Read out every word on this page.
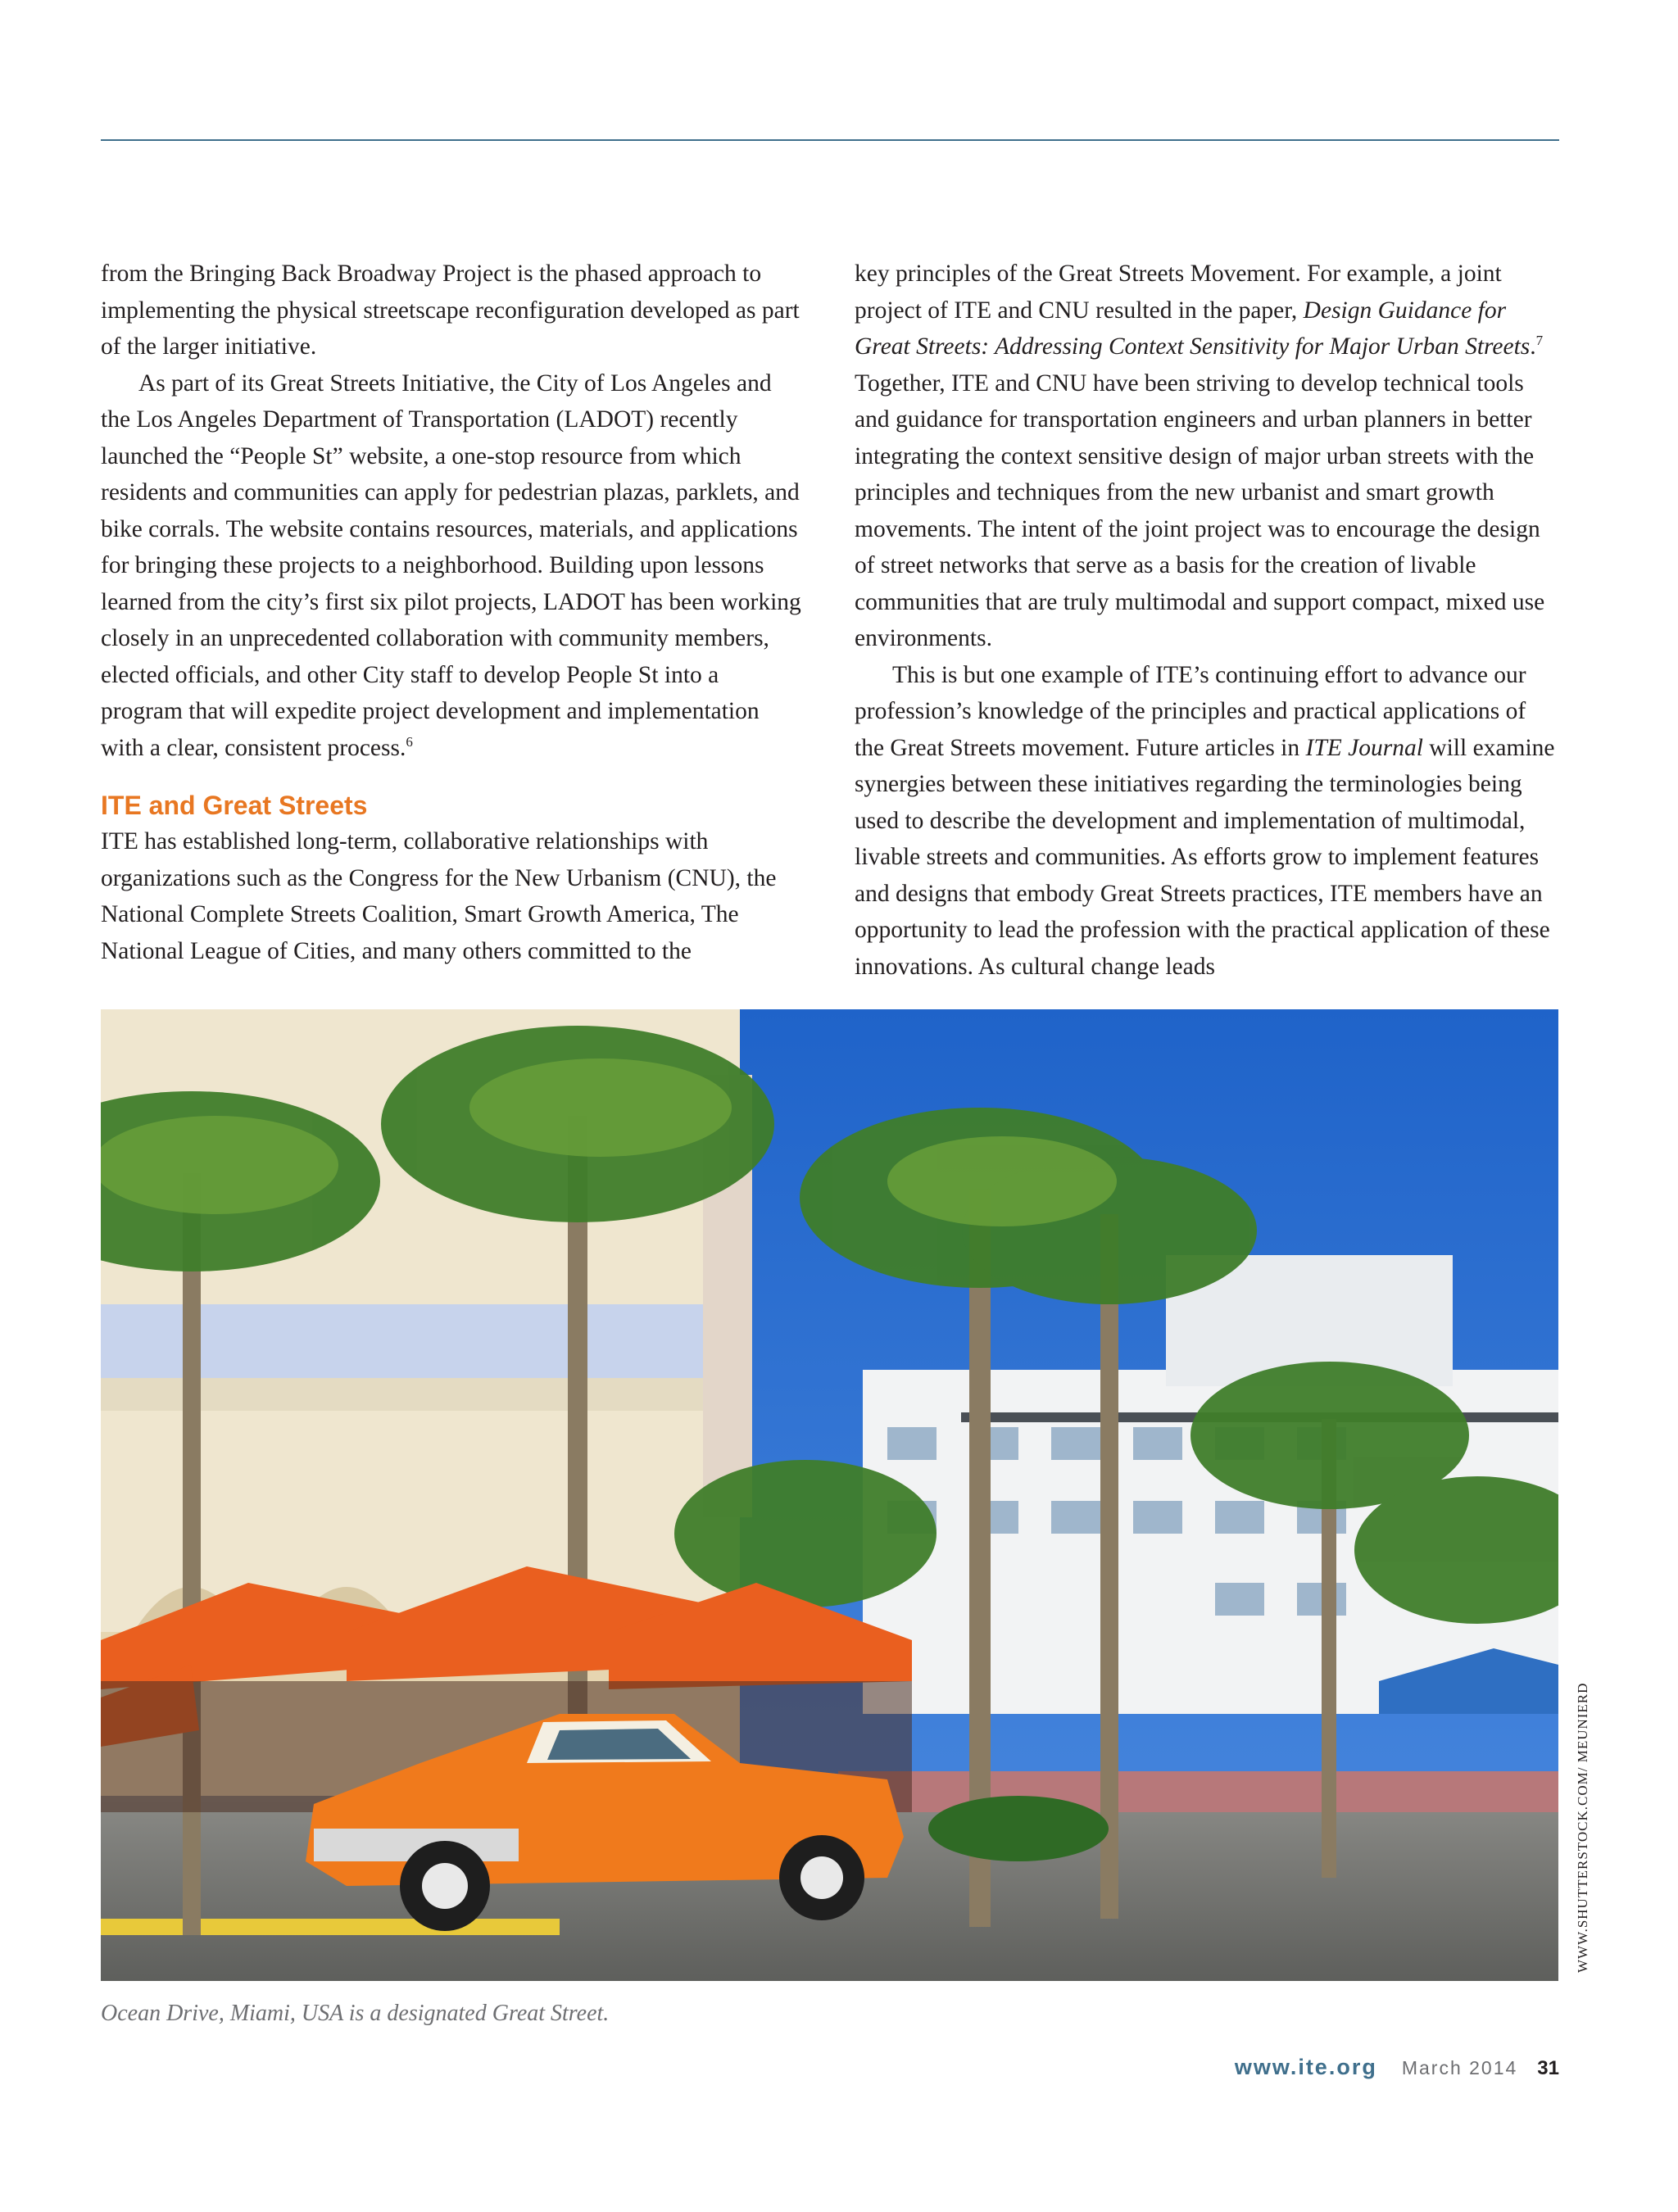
from the Bringing Back Broadway Project is the phased approach to implementing the physical streetscape reconfiguration developed as part of the larger initiative.

As part of its Great Streets Initiative, the City of Los Angeles and the Los Angeles Department of Transportation (LADOT) recently launched the “People St” website, a one-stop resource from which residents and communities can apply for pedestrian plazas, parklets, and bike corrals. The website contains resources, materials, and applications for bringing these projects to a neighborhood. Building upon lessons learned from the city’s first six pilot projects, LADOT has been working closely in an unprecedented collaboration with community members, elected officials, and other City staff to develop People St into a program that will expedite project development and implementation with a clear, consistent process.$^6$

ITE and Great Streets

ITE has established long-term, collaborative relationships with organizations such as the Congress for the New Urbanism (CNU), the National Complete Streets Coalition, Smart Growth America, The National League of Cities, and many others committed to the

key principles of the Great Streets Movement. For example, a joint project of ITE and CNU resulted in the paper, Design Guidance for Great Streets: Addressing Context Sensitivity for Major Urban Streets.$^7$ Together, ITE and CNU have been striving to develop technical tools and guidance for transportation engineers and urban planners in better integrating the context sensitive design of major urban streets with the principles and techniques from the new urbanist and smart growth movements. The intent of the joint project was to encourage the design of street networks that serve as a basis for the creation of livable communities that are truly multimodal and support compact, mixed use environments.

This is but one example of ITE’s continuing effort to advance our profession’s knowledge of the principles and practical applications of the Great Streets movement. Future articles in ITE Journal will examine synergies between these initiatives regarding the terminologies being used to describe the development and implementation of multimodal, livable streets and communities. As efforts grow to implement features and designs that embody Great Streets practices, ITE members have an opportunity to lead the profession with the practical application of these innovations. As cultural change leads

WWW.SHUTTERSTOCK.COM/ MEUNIERD
Ocean Drive, Miami, USA is a designated Great Street.
www.ite.org March 2014 31
